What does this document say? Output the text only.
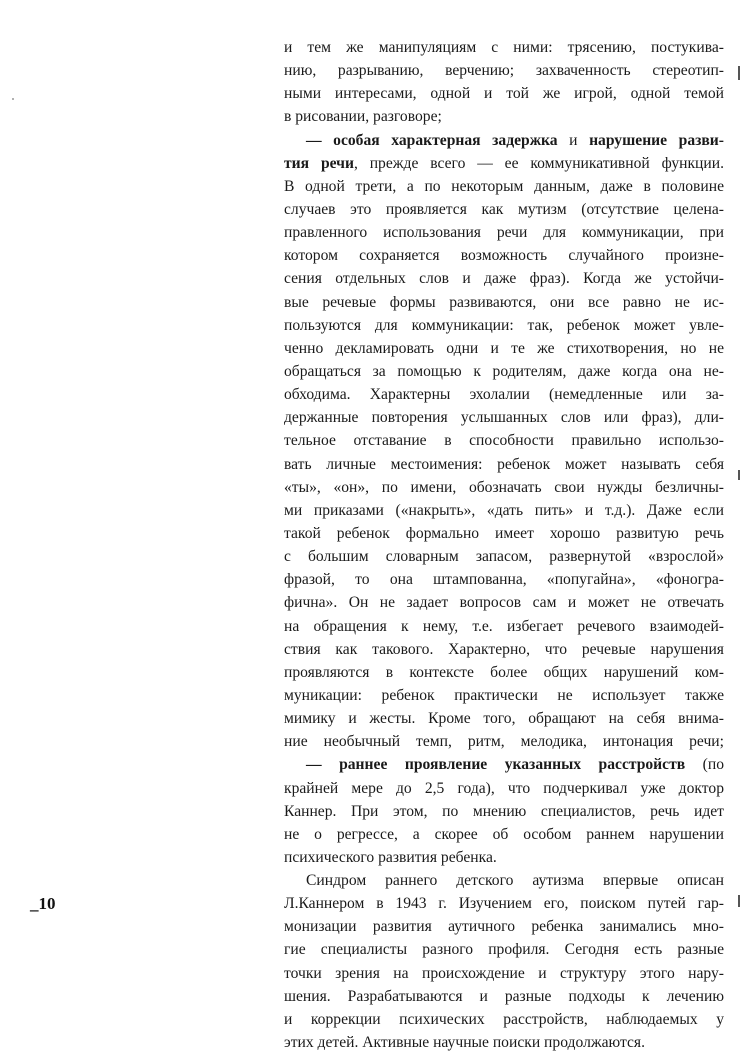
и тем же манипуляциям с ними: трясению, постукива-
нию, разрыванию, верчению; захваченность стереотип-
ными интересами, одной и той же игрой, одной темой
в рисовании, разговоре;
— особая характерная задержка и нарушение разви-
тия речи, прежде всего — ее коммуникативной функции.
В одной трети, а по некоторым данным, даже в половине
случаев это проявляется как мутизм (отсутствие целена-
правленного использования речи для коммуникации, при
котором сохраняется возможность случайного произне-
сения отдельных слов и даже фраз). Когда же устойчи-
вые речевые формы развиваются, они все равно не ис-
пользуются для коммуникации: так, ребенок может увле-
ченно декламировать одни и те же стихотворения, но не
обращаться за помощью к родителям, даже когда она не-
обходима. Характерны эхолалии (немедленные или за-
держанные повторения услышанных слов или фраз), дли-
тельное отставание в способности правильно использо-
вать личные местоимения: ребенок может называть себя
«ты», «он», по имени, обозначать свои нужды безличны-
ми приказами («накрыть», «дать пить» и т.д.). Даже если
такой ребенок формально имеет хорошо развитую речь
с большим словарным запасом, развернутой «взрослой»
фразой, то она штампованна, «попугайна», «фоногра-
фична». Он не задает вопросов сам и может не отвечать
на обращения к нему, т.е. избегает речевого взаимодей-
ствия как такового. Характерно, что речевые нарушения
проявляются в контексте более общих нарушений ком-
муникации: ребенок практически не использует также
мимику и жесты. Кроме того, обращают на себя внима-
ние необычный темп, ритм, мелодика, интонация речи;
— раннее проявление указанных расстройств (по
крайней мере до 2,5 года), что подчеркивал уже доктор
Каннер. При этом, по мнению специалистов, речь идет
не о регрессе, а скорее об особом раннем нарушении
психического развития ребенка.
Синдром раннего детского аутизма впервые описан
Л.Каннером в 1943 г. Изучением его, поиском путей гар-
монизации развития аутичного ребенка занимались мно-
гие специалисты разного профиля. Сегодня есть разные
точки зрения на происхождение и структуру этого нару-
шения. Разрабатываются и разные подходы к лечению
и коррекции психических расстройств, наблюдаемых у
этих детей. Активные научные поиски продолжаются.
_10
